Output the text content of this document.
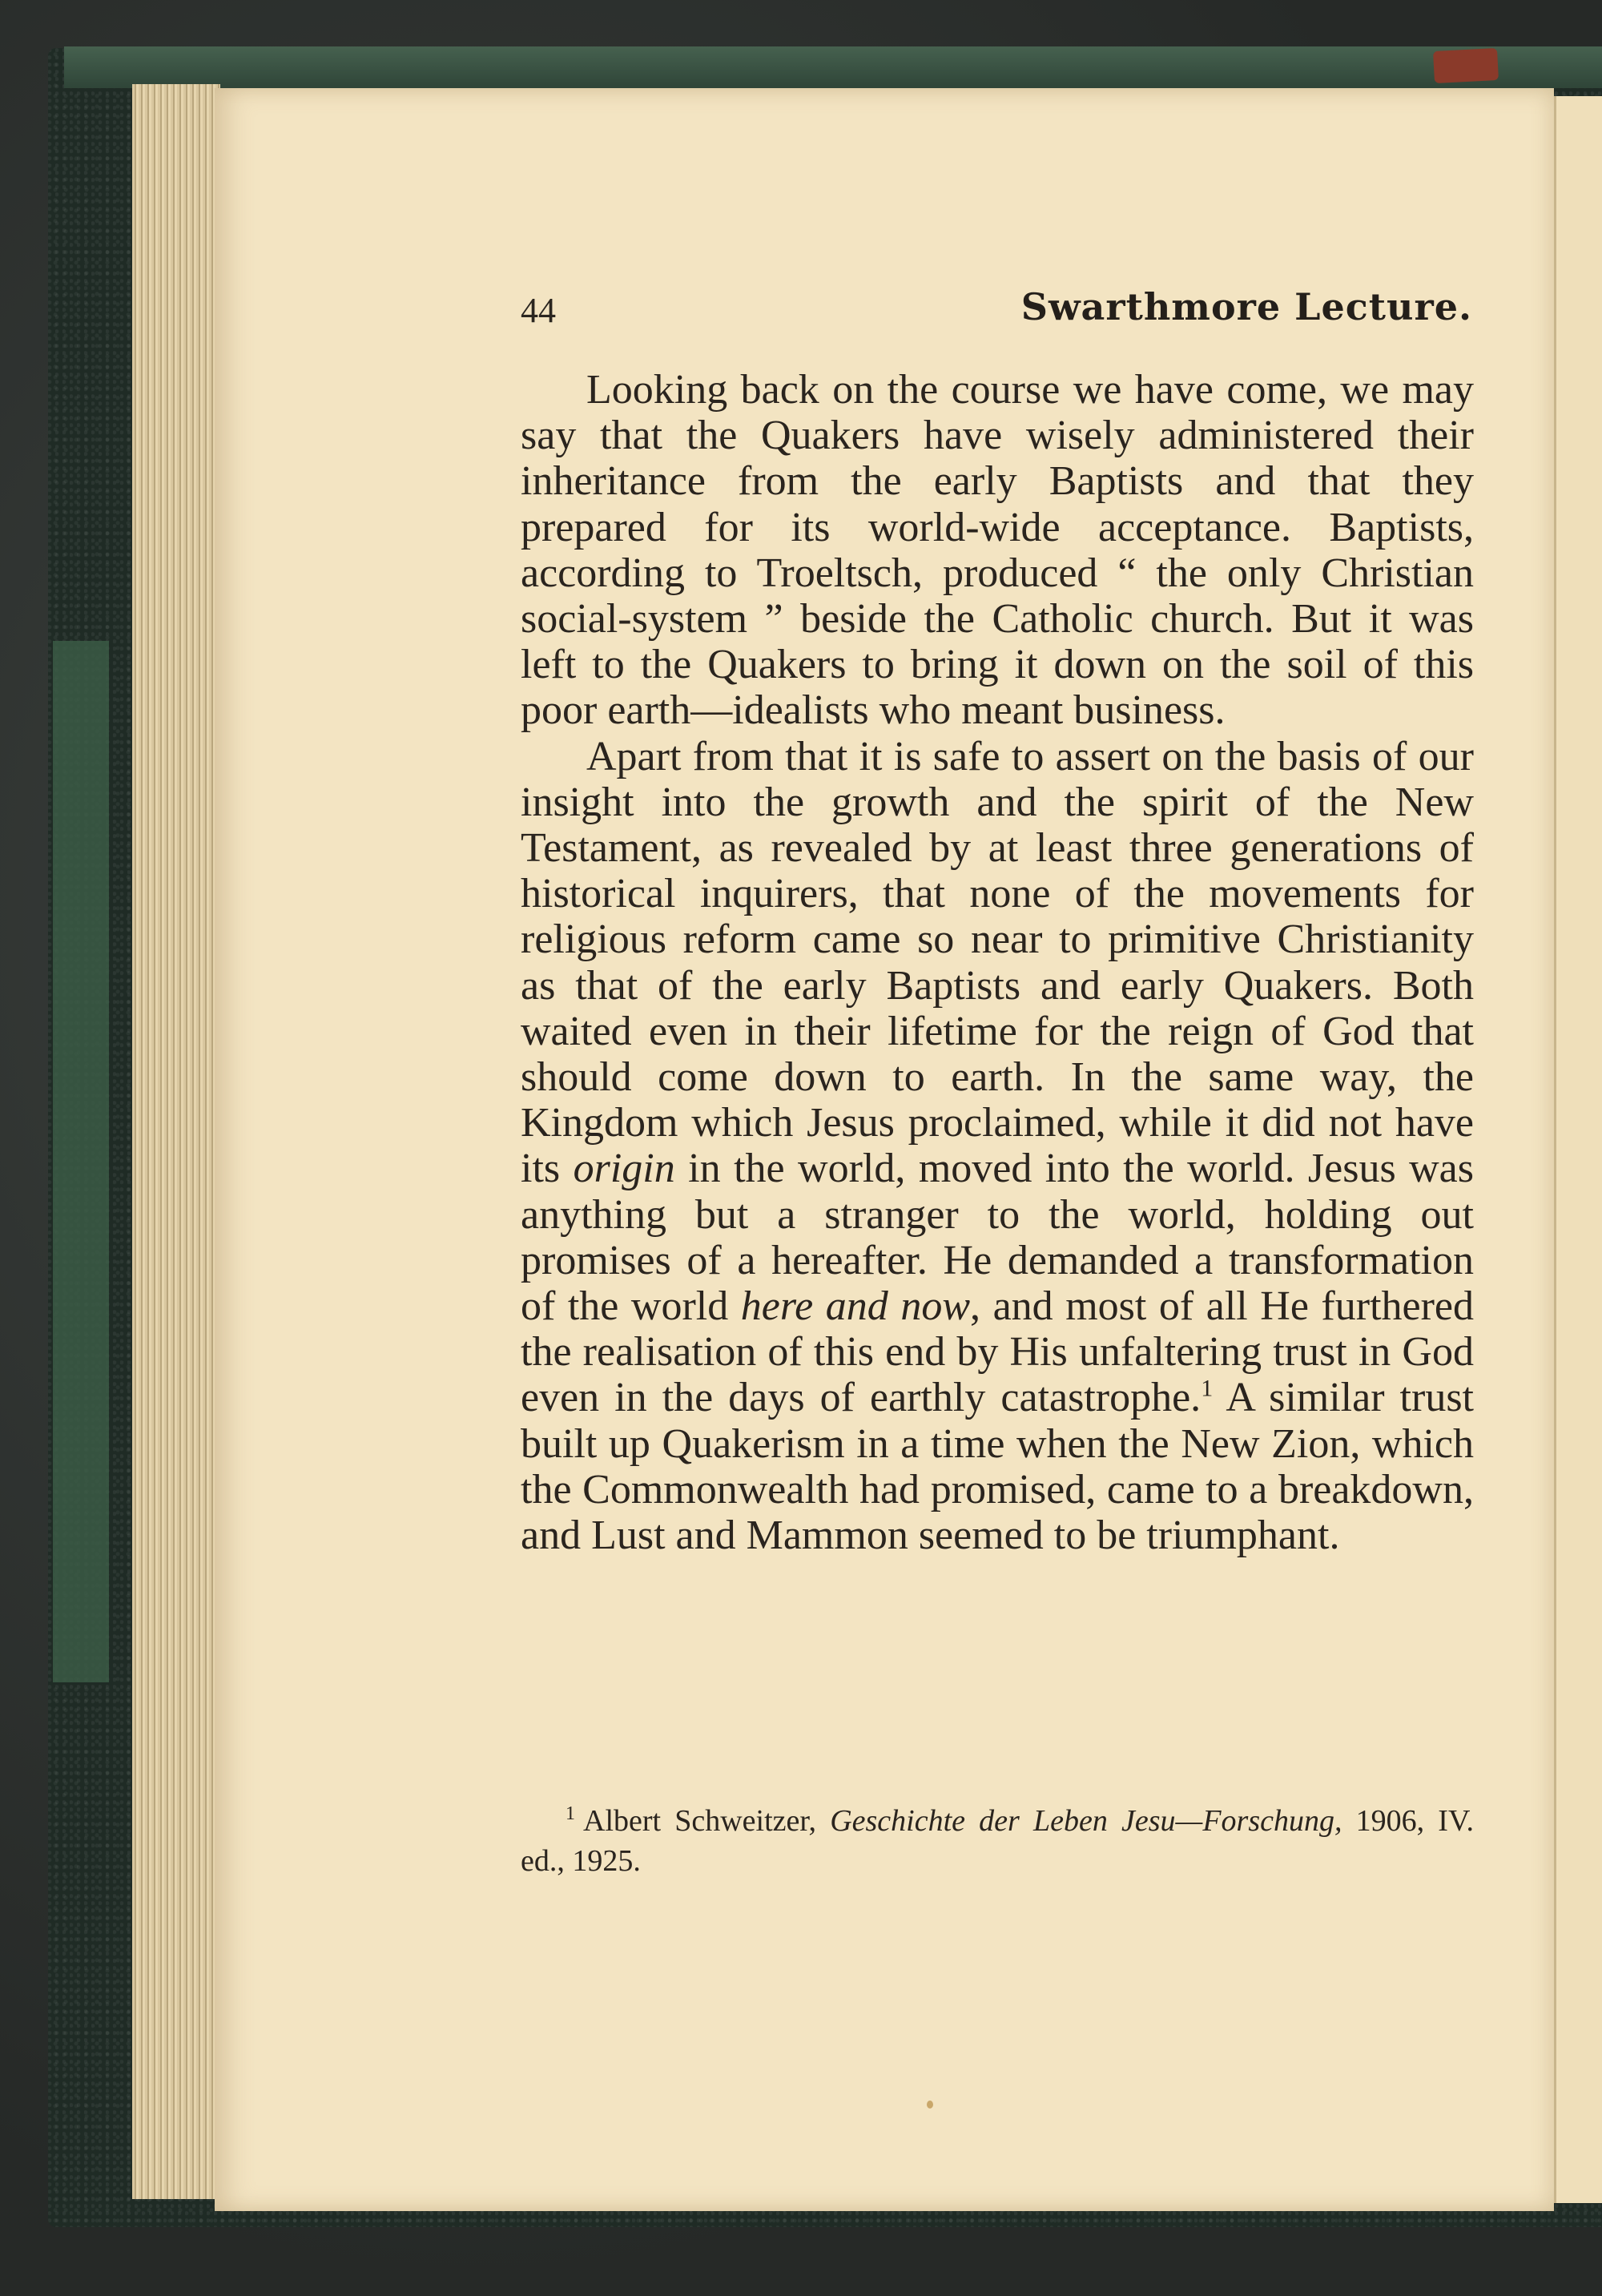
44	Swarthmore Lecture.

Looking back on the course we have come, we may say that the Quakers have wisely administered their inheritance from the early Baptists and that they prepared for its world-wide acceptance. Baptists, according to Troeltsch, produced “ the only Christian social-system ” beside the Catholic church. But it was left to the Quakers to bring it down on the soil of this poor earth—idealists who meant business.

Apart from that it is safe to assert on the basis of our insight into the growth and the spirit of the New Testament, as revealed by at least three generations of historical inquirers, that none of the movements for religious reform came so near to primitive Christianity as that of the early Baptists and early Quakers. Both waited even in their lifetime for the reign of God that should come down to earth. In the same way, the Kingdom which Jesus proclaimed, while it did not have its origin in the world, moved into the world. Jesus was anything but a stranger to the world, holding out promises of a hereafter. He demanded a transformation of the world here and now, and most of all He furthered the realisation of this end by His unfaltering trust in God even in the days of earthly catastrophe.$^1$ A similar trust built up Quakerism in a time when the New Zion, which the Commonwealth had promised, came to a breakdown, and Lust and Mammon seemed to be triumphant.

$^1$ Albert Schweitzer, Geschichte der Leben Jesu—Forschung, 1906, IV. ed., 1925.
